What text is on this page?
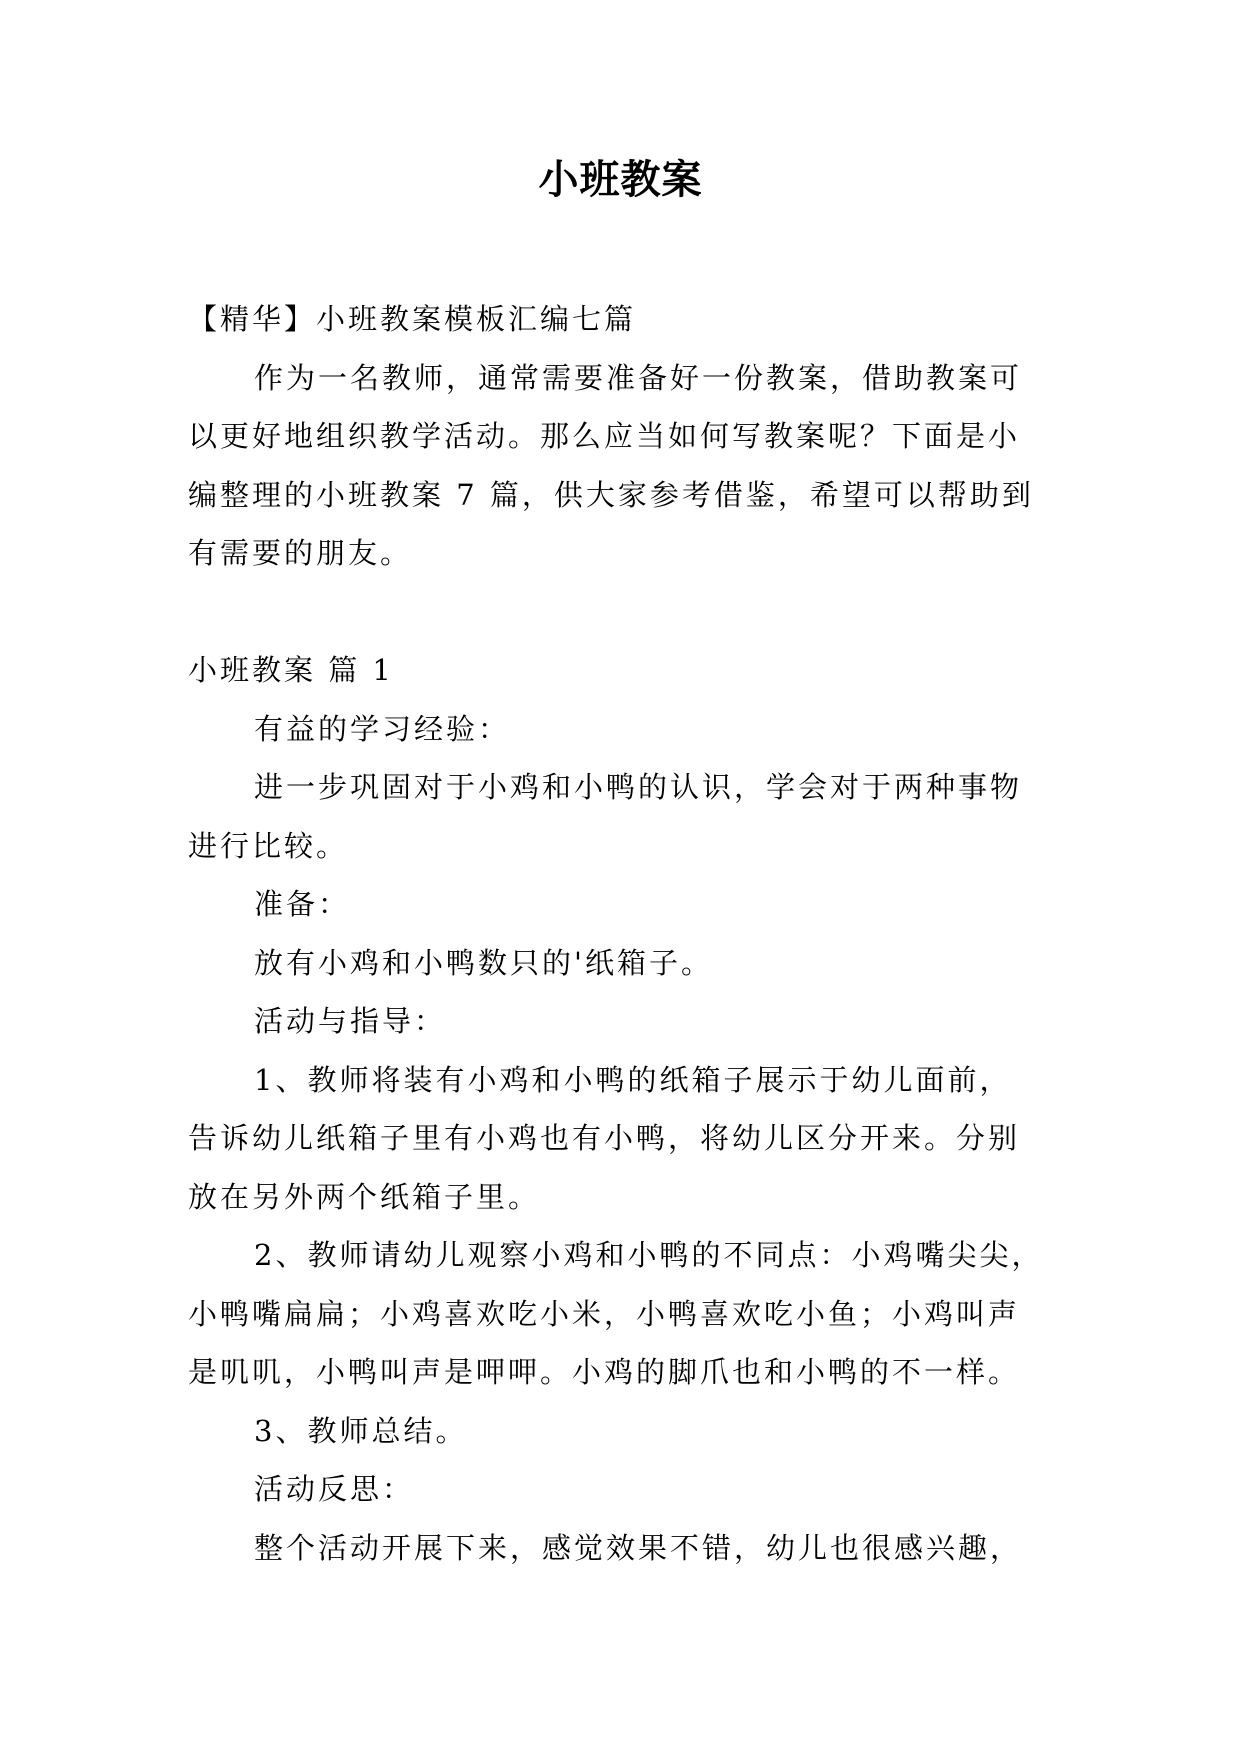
小班教案
【精华】小班教案模板汇编七篇
作为一名教师，通常需要准备好一份教案，借助教案可
以更好地组织教学活动。那么应当如何写教案呢？下面是小
编整理的小班教案 7 篇，供大家参考借鉴，希望可以帮助到
有需要的朋友。
小班教案 篇 1
有益的学习经验：
进一步巩固对于小鸡和小鸭的认识，学会对于两种事物
进行比较。
准备：
放有小鸡和小鸭数只的'纸箱子。
活动与指导：
1、教师将装有小鸡和小鸭的纸箱子展示于幼儿面前，
告诉幼儿纸箱子里有小鸡也有小鸭，将幼儿区分开来。分别
放在另外两个纸箱子里。
2、教师请幼儿观察小鸡和小鸭的不同点：小鸡嘴尖尖，
小鸭嘴扁扁；小鸡喜欢吃小米，小鸭喜欢吃小鱼；小鸡叫声
是叽叽，小鸭叫声是呷呷。小鸡的脚爪也和小鸭的不一样。
3、教师总结。
活动反思：
整个活动开展下来，感觉效果不错，幼儿也很感兴趣，
